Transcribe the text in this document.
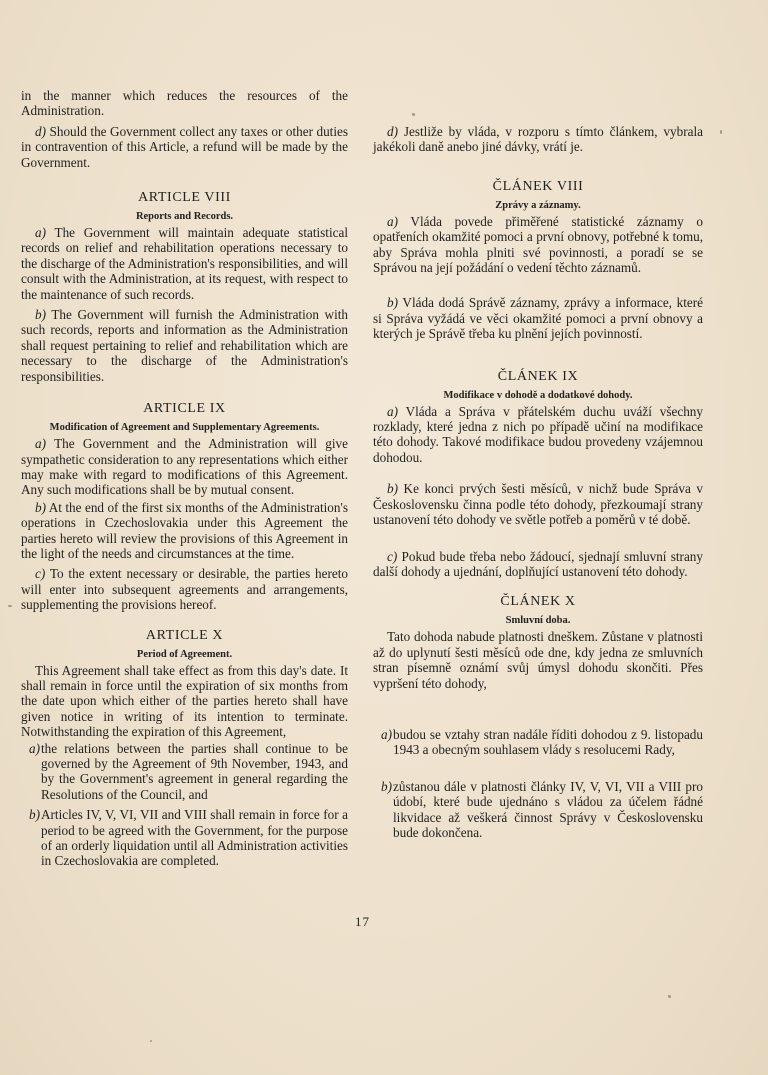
in the manner which reduces the resources of the Administration.

d) Should the Government collect any taxes or other duties in contravention of this Article, a refund will be made by the Government.

ARTICLE VIII

Reports and Records.

a) The Government will maintain adequate statistical records on relief and rehabilitation operations necessary to the discharge of the Administration's responsibilities, and will consult with the Administration, at its request, with respect to the maintenance of such records.

b) The Government will furnish the Administration with such records, reports and information as the Administration shall request pertaining to relief and rehabilitation which are necessary to the discharge of the Administration's responsibilities.

ARTICLE IX

Modification of Agreement and Supplementary Agreements.

a) The Government and the Administration will give sympathetic consideration to any representations which either may make with regard to modifications of this Agreement. Any such modifications shall be by mutual consent.

b) At the end of the first six months of the Administration's operations in Czechoslovakia under this Agreement the parties hereto will review the provisions of this Agreement in the light of the needs and circumstances at the time.

c) To the extent necessary or desirable, the parties hereto will enter into subsequent agreements and arrangements, supplementing the provisions hereof.

ARTICLE X

Period of Agreement.

This Agreement shall take effect as from this day's date. It shall remain in force until the expiration of six months from the date upon which either of the parties hereto shall have given notice in writing of its intention to terminate. Notwithstanding the expiration of this Agreement,

a) the relations between the parties shall continue to be governed by the Agreement of 9th November, 1943, and by the Government's agreement in general regarding the Resolutions of the Council, and
b) Articles IV, V, VI, VII and VIII shall remain in force for a period to be agreed with the Government, for the purpose of an orderly liquidation until all Administration activities in Czechoslovakia are completed.

d) Jestliže by vláda, v rozporu s tímto článkem, vybrala jakékoli daně anebo jiné dávky, vrátí je.

ČLÁNEK VIII

Zprávy a záznamy.

a) Vláda povede přiměřené statistické záznamy o opatřeních okamžité pomoci a první obnovy, potřebné k tomu, aby Správa mohla plniti své povinnosti, a poradí se se Správou na její požádání o vedení těchto záznamů.

b) Vláda dodá Správě záznamy, zprávy a informace, které si Správa vyžádá ve věci okamžité pomoci a první obnovy a kterých je Správě třeba ku plnění jejích povinností.

ČLÁNEK IX

Modifikace v dohodě a dodatkové dohody.

a) Vláda a Správa v přátelském duchu uváží všechny rozklady, které jedna z nich po případě učiní na modifikace této dohody. Takové modifikace budou provedeny vzájemnou dohodou.

b) Ke konci prvých šesti měsíců, v nichž bude Správa v Československu činna podle této dohody, přezkoumají strany ustanovení této dohody ve světle potřeb a poměrů v té době.

c) Pokud bude třeba nebo žádoucí, sjednají smluvní strany další dohody a ujednání, doplňující ustanovení této dohody.

ČLÁNEK X

Smluvní doba.

Tato dohoda nabude platnosti dneškem. Zůstane v platnosti až do uplynutí šesti měsíců ode dne, kdy jedna ze smluvních stran písemně oznámí svůj úmysl dohodu skončiti. Přes vypršení této dohody,

a) budou se vztahy stran nadále říditi dohodou z 9. listopadu 1943 a obecným souhlasem vlády s resolucemi Rady,
b) zůstanou dále v platnosti články IV, V, VI, VII a VIII pro údobí, které bude ujednáno s vládou za účelem řádné likvidace až veškerá činnost Správy v Československu bude dokončena.
17
